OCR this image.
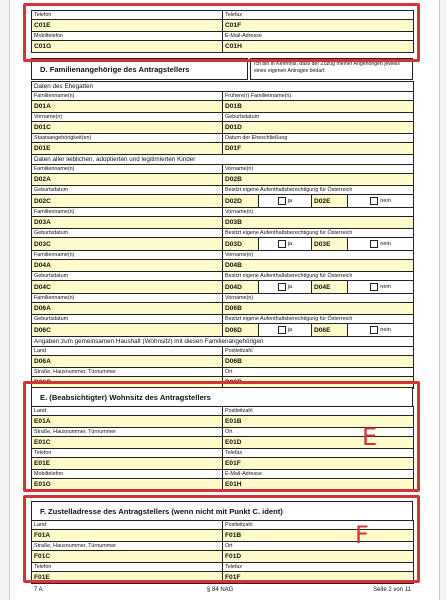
Telefon	Telefax
C01E	C01F
Mobiltelefon	E-Mail-Adresse
C01G	C01H
D. Familienangehörige des Antragstellers
Ich bin in Kenntnis, dass der Zuzug meiner Angehörigen jeweils eines eigenen Antrages bedarf.
Daten des Ehegatten				
Familienname(n)	Frühere(r) Familienname(n)			
D01A	D01B			
Vorname(n)	Geburtsdatum			
D01C	D01D			
Staatsangehörigkeit(en)	Datum der Eheschließung			
D01E	D01F			
Daten aller leiblichen, adoptierten und legitimierten Kinder				
Familienname(n)	Vorname(n)			
D02A	D02B			
Geburtsdatum	Besitzt eigene Aufenthaltsberechtigung für Österreich			
D02C	D02D	ja	D02E	nein
Familienname(n)	Vorname(n)			
D03A	D03B			
Geburtsdatum	Besitzt eigene Aufenthaltsberechtigung für Österreich			
D03C	D03D	ja	D03E	nein
Familienname(n)	Vorname(n)			
D04A	D04B			
Geburtsdatum	Besitzt eigene Aufenthaltsberechtigung für Österreich			
D04C	D04D	ja	D04E	nein
Familienname(n)	Vorname(n)			
D06A	D06B			
Geburtsdatum	Besitzt eigene Aufenthaltsberechtigung für Österreich			
D06C	D06D	ja	D06E	nein
Angaben zum gemeinsamen Haushalt (Wohnsitz) mit diesen Familienangehörigen				
Land	Postleitzahl			
D06A	D06B			
Straße, Hausnummer, Türnummer	Ort			
D06C	D06D			
E. (Beabsichtigter) Wohnsitz des Antragstellers
Land	Postleitzahl
E01A	E01B
Straße, Hausnummer, Türnummer	Ort
E01C	E01D
Telefon	Telefax
E01E	E01F
Mobiltelefon	E-Mail-Adresse
E01G	E01H
F. Zustelladresse des Antragstellers (wenn nicht mit Punkt C. ident)
Land	Postleitzahl
F01A	F01B
Straße, Hausnummer, Türnummer	Ort
F01C	F01D
Telefon	Telefax
F01E	F01F
E
F
7 A	§ 84 NAG	Seite 2 von 11
